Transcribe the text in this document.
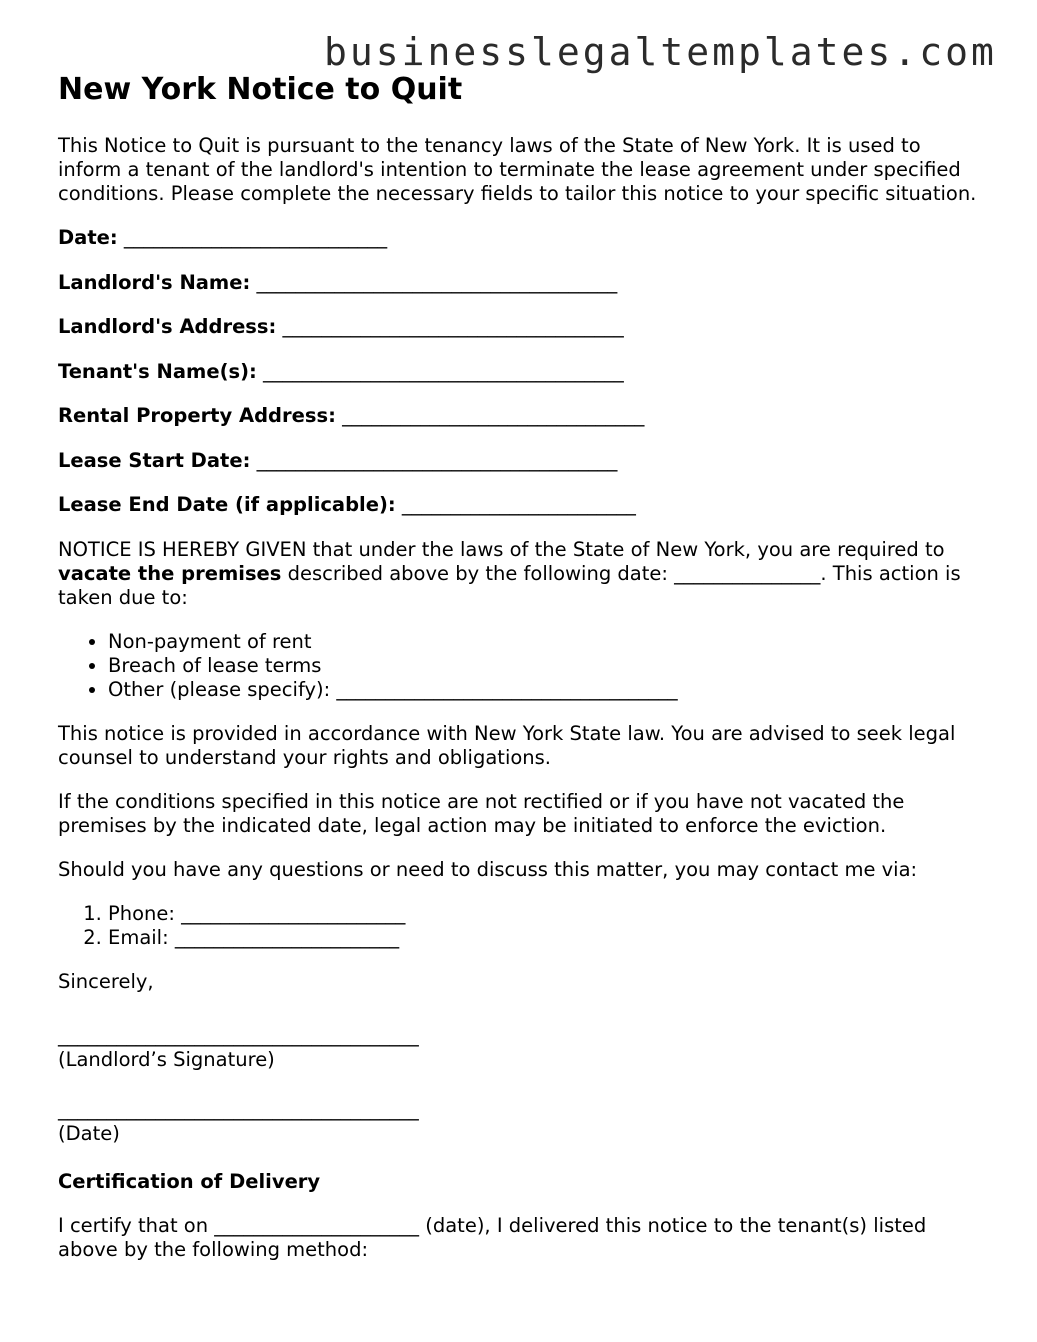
businesslegaltemplates.com
New York Notice to Quit

This Notice to Quit is pursuant to the tenancy laws of the State of New York. It is used to inform a tenant of the landlord's intention to terminate the lease agreement under specified conditions. Please complete the necessary fields to tailor this notice to your specific situation.

Date: ___________________________
Landlord's Name: _____________________________________
Landlord's Address: ___________________________________
Tenant's Name(s): _____________________________________
Rental Property Address: _______________________________
Lease Start Date: _____________________________________
Lease End Date (if applicable): ________________________

NOTICE IS HEREBY GIVEN that under the laws of the State of New York, you are required to vacate the premises described above by the following date: _______________. This action is taken due to:

• Non-payment of rent
• Breach of lease terms
• Other (please specify): ___________________________________

This notice is provided in accordance with New York State law. You are advised to seek legal counsel to understand your rights and obligations.

If the conditions specified in this notice are not rectified or if you have not vacated the premises by the indicated date, legal action may be initiated to enforce the eviction.

Should you have any questions or need to discuss this matter, you may contact me via:

1. Phone: _______________________
2. Email: _______________________

Sincerely,

_____________________________________
(Landlord’s Signature)
_____________________________________
(Date)
Certification of Delivery

I certify that on _____________________ (date), I delivered this notice to the tenant(s) listed above by the following method:
